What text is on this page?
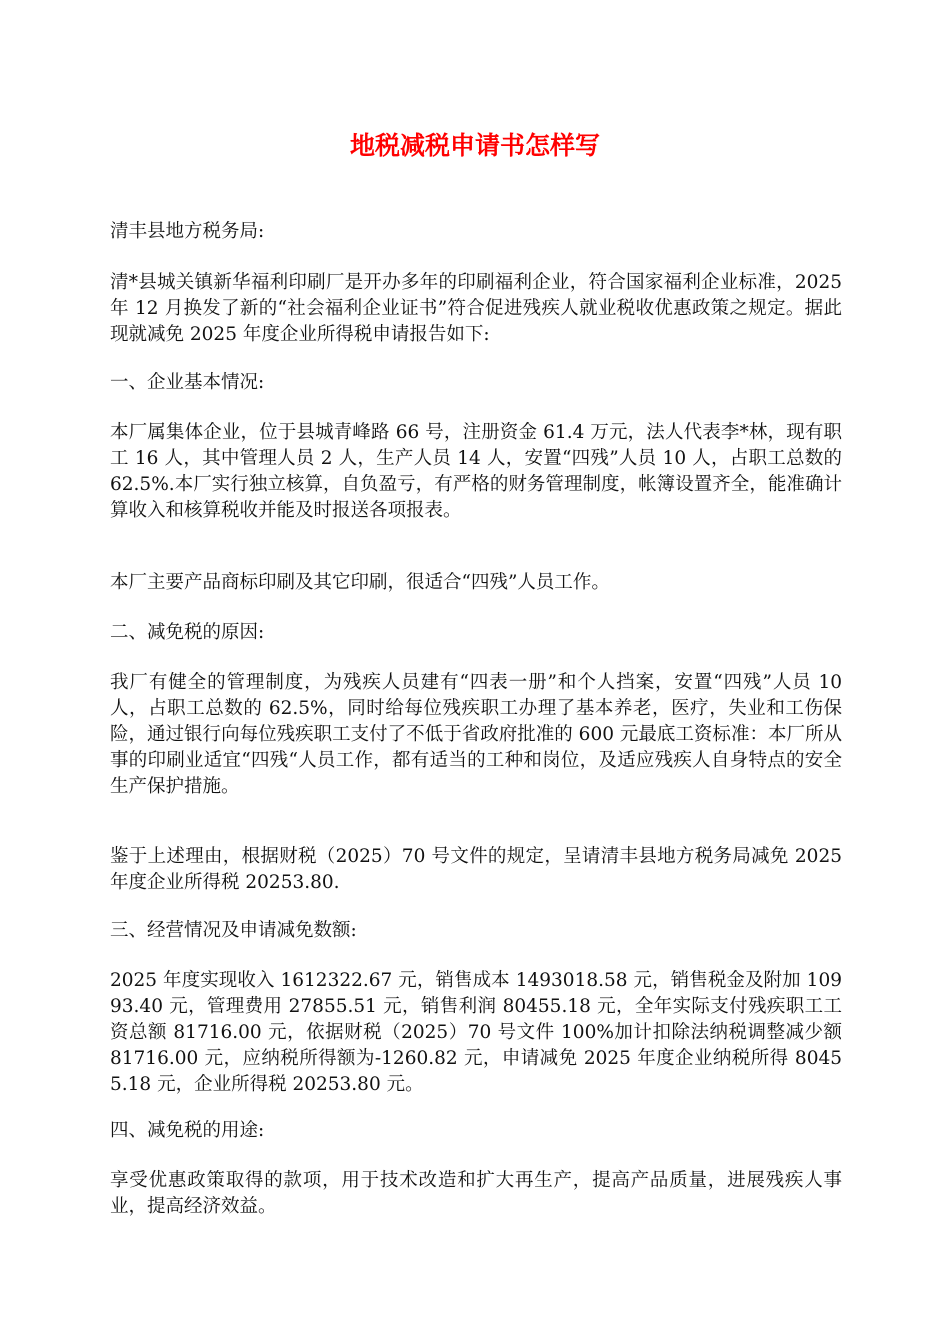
地税减税申请书怎样写

清丰县地方税务局:

清*县城关镇新华福利印刷厂是开办多年的印刷福利企业，符合国家福利企业标准，2025 年 12 月换发了新的“社会福利企业证书”符合促进残疾人就业税收优惠政策之规定。据此现就减免 2025 年度企业所得税申请报告如下:

一、企业基本情况:

本厂属集体企业，位于县城青峰路 66 号，注册资金 61.4 万元，法人代表李*林，现有职工 16 人，其中管理人员 2 人，生产人员 14 人，安置“四残”人员 10 人，占职工总数的 62.5%.本厂实行独立核算，自负盈亏，有严格的财务管理制度，帐簿设置齐全，能准确计算收入和核算税收并能及时报送各项报表。

本厂主要产品商标印刷及其它印刷，很适合“四残”人员工作。

二、减免税的原因:

我厂有健全的管理制度，为残疾人员建有“四表一册”和个人挡案，安置“四残”人员 10 人，占职工总数的 62.5%，同时给每位残疾职工办理了基本养老，医疗，失业和工伤保险，通过银行向每位残疾职工支付了不低于省政府批准的 600 元最底工资标准：本厂所从事的印刷业适宜“四残“人员工作，都有适当的工种和岗位，及适应残疾人自身特点的安全生产保护措施。

鉴于上述理由，根据财税（2025）70 号文件的规定，呈请清丰县地方税务局减免 2025 年度企业所得税 20253.80.

三、经营情况及申请减免数额:

2025 年度实现收入 1612322.67 元，销售成本 1493018.58 元，销售税金及附加 10993.40 元，管理费用 27855.51 元，销售利润 80455.18 元，全年实际支付残疾职工工资总额 81716.00 元，依据财税（2025）70 号文件 100%加计扣除法纳税调整减少额 81716.00 元，应纳税所得额为-1260.82 元，申请减免 2025 年度企业纳税所得 80455.18 元，企业所得税 20253.80 元。

四、减免税的用途:

享受优惠政策取得的款项，用于技术改造和扩大再生产，提高产品质量，进展残疾人事业，提高经济效益。
